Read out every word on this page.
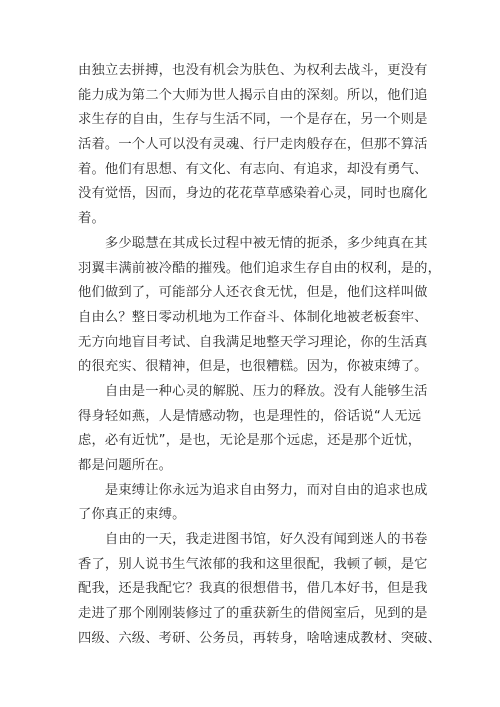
由独立去拼搏，也没有机会为肤色、为权利去战斗，更没有
能力成为第二个大师为世人揭示自由的深刻。所以，他们追
求生存的自由，生存与生活不同，一个是存在，另一个则是
活着。一个人可以没有灵魂、行尸走肉般存在，但那不算活
着。他们有思想、有文化、有志向、有追求，却没有勇气、
没有觉悟，因而，身边的花花草草感染着心灵，同时也腐化
着。
　　多少聪慧在其成长过程中被无情的扼杀，多少纯真在其
羽翼丰满前被冷酷的摧残。他们追求生存自由的权利，是的，
他们做到了，可能部分人还衣食无忧，但是，他们这样叫做
自由么？整日零动机地为工作奋斗、体制化地被老板套牢、
无方向地盲目考试、自我满足地整天学习理论，你的生活真
的很充实、很精神，但是，也很糟糕。因为，你被束缚了。
　　自由是一种心灵的解脱、压力的释放。没有人能够生活
得身轻如燕，人是情感动物，也是理性的，俗话说“人无远
虑，必有近忧”，是也，无论是那个远虑，还是那个近忧，
都是问题所在。
　　是束缚让你永远为追求自由努力，而对自由的追求也成
了你真正的束缚。
　　自由的一天，我走进图书馆，好久没有闻到迷人的书卷
香了，别人说书生气浓郁的我和这里很配，我顿了顿，是它
配我，还是我配它？我真的很想借书，借几本好书，但是我
走进了那个刚刚装修过了的重获新生的借阅室后，见到的是
四级、六级、考研、公务员，再转身，啥啥速成教材、突破、
